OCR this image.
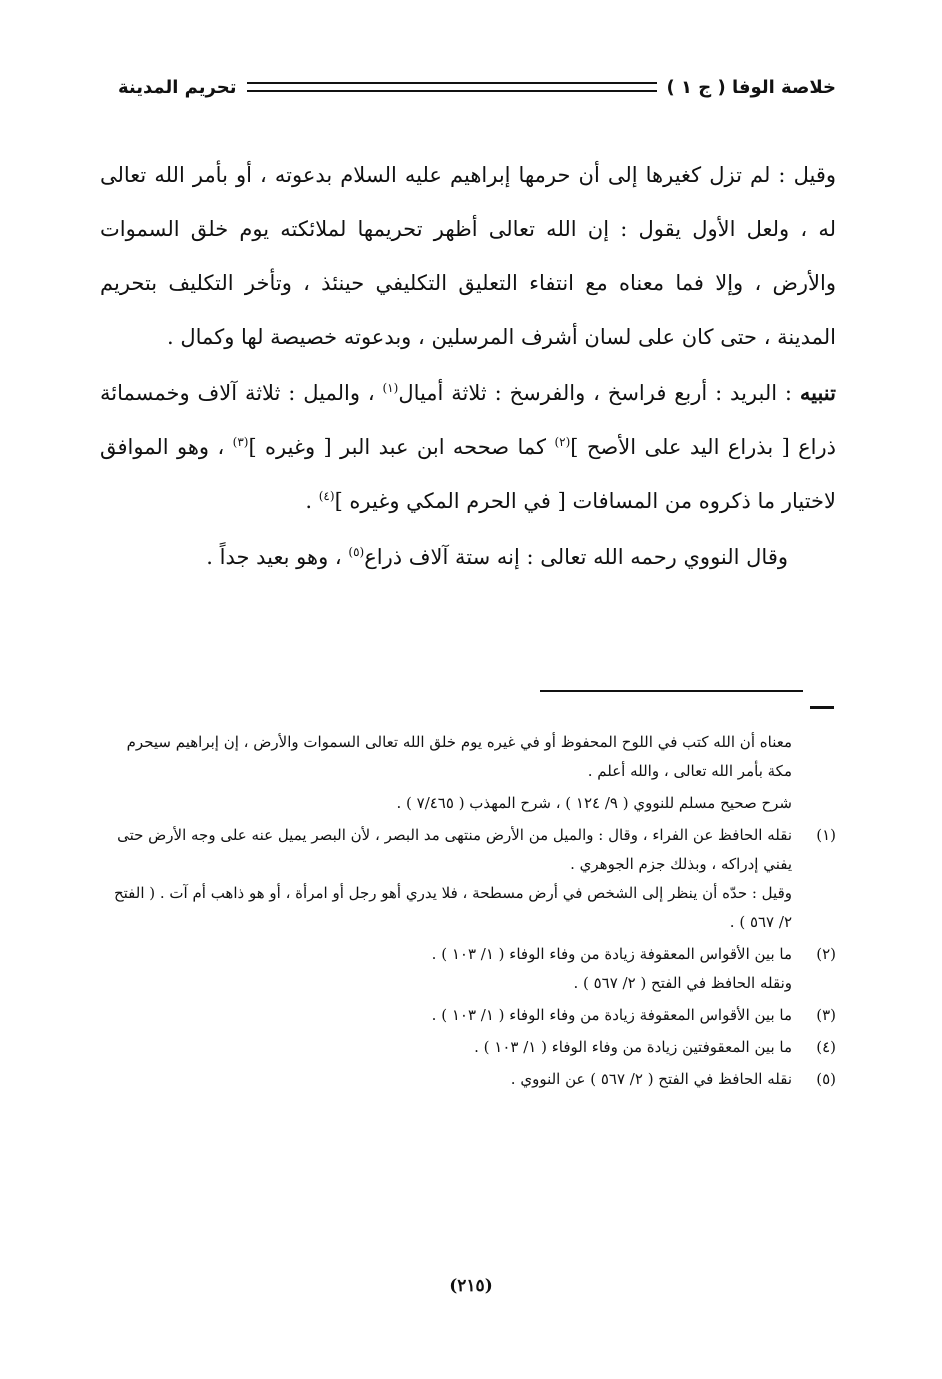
خلاصة الوفا ( ج ١ )
تحريم المدينة

وقيل : لم تزل كغيرها إلى أن حرمها إبراهيم عليه السلام بدعوته ، أو بأمر الله تعالى له ، ولعل الأول يقول : إن الله تعالى أظهر تحريمها لملائكته يوم خلق السموات والأرض ، وإلا فما معناه مع انتفاء التعليق التكليفي حينئذ ، وتأخر التكليف بتحريم المدينة ، حتى كان على لسان أشرف المرسلين ، وبدعوته خصيصة لها وكمال .

تنبيه : البريد : أربع فراسخ ، والفرسخ : ثلاثة أميال$^{(١)}$ ، والميل : ثلاثة آلاف وخمسمائة ذراع [ بذراع اليد على الأصح ]$^{(٢)}$ كما صححه ابن عبد البر [ وغيره ]$^{(٣)}$ ، وهو الموافق لاختيار ما ذكروه من المسافات [ في الحرم المكي وغيره ]$^{(٤)}$ .

وقال النووي رحمه الله تعالى : إنه ستة آلاف ذراع$^{(٥)}$ ، وهو بعيد جداً .

معناه أن الله كتب في اللوح المحفوظ أو في غيره يوم خلق الله تعالى السموات والأرض ، إن إبراهيم سيحرم مكة بأمر الله تعالى ، والله أعلم .
شرح صحيح مسلم للنووي ( ٩/ ١٢٤ ) ، شرح المهذب ( ٧/٤٦٥ ) .
(١)
نقله الحافظ عن الفراء ، وقال : والميل من الأرض منتهى مد البصر ، لأن البصر يميل عنه على وجه الأرض حتى يفني إدراكه ، وبذلك جزم الجوهري .
وقيل : حدّه أن ينظر إلى الشخص في أرض مسطحة ، فلا يدري أهو رجل أو امرأة ، أو هو ذاهب أم آت . ( الفتح ٢/ ٥٦٧ ) .
(٢)
ما بين الأقواس المعقوفة زيادة من وفاء الوفاء ( ١/ ١٠٣ ) .
ونقله الحافظ في الفتح ( ٢/ ٥٦٧ ) .
(٣)
ما بين الأقواس المعقوفة زيادة من وفاء الوفاء ( ١/ ١٠٣ ) .
(٤)
ما بين المعقوفتين زيادة من وفاء الوفاء ( ١/ ١٠٣ ) .
(٥)
نقله الحافظ في الفتح ( ٢/ ٥٦٧ ) عن النووي .
(٢١٥)
